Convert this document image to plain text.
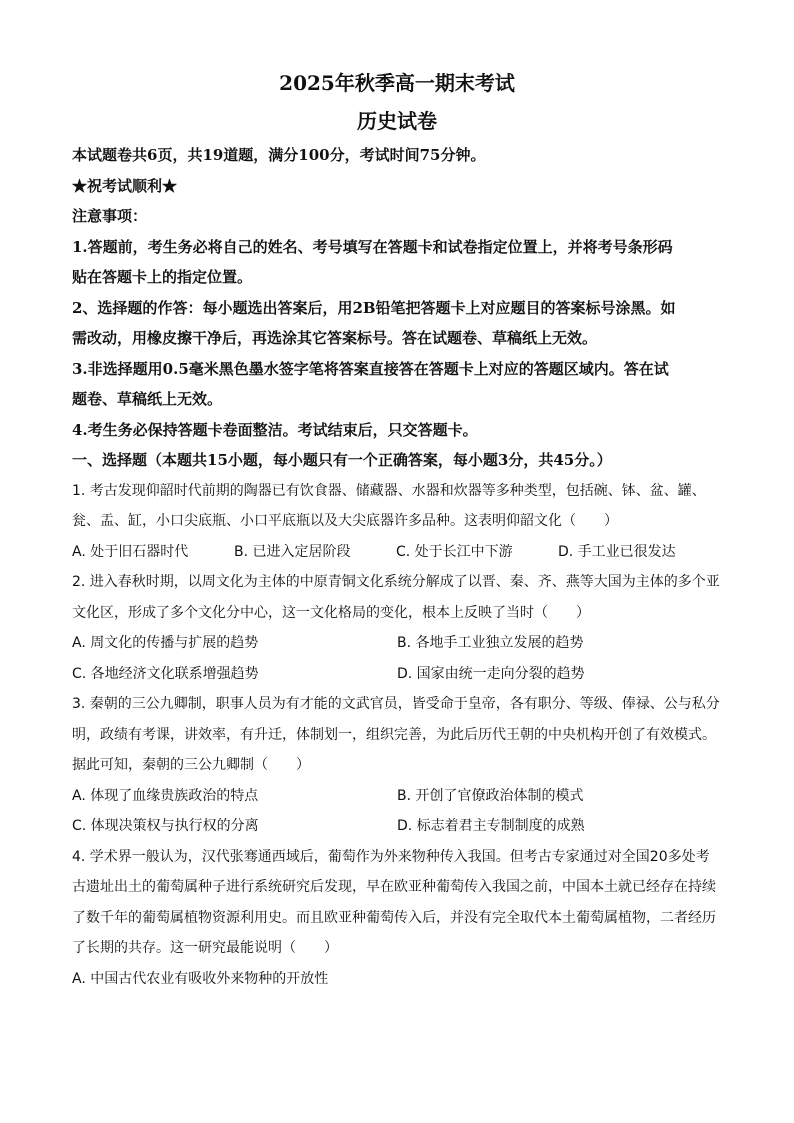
2025年秋季高一期末考试
历史试卷
本试题卷共6页，共19道题，满分100分，考试时间75分钟。
★祝考试顺利★
注意事项：
1.答题前，考生务必将自己的姓名、考号填写在答题卡和试卷指定位置上，并将考号条形码
贴在答题卡上的指定位置。
2、选择题的作答：每小题选出答案后，用2B铅笔把答题卡上对应题目的答案标号涂黑。如
需改动，用橡皮擦干净后，再选涂其它答案标号。答在试题卷、草稿纸上无效。
3.非选择题用0.5毫米黑色墨水签字笔将答案直接答在答题卡上对应的答题区域内。答在试
题卷、草稿纸上无效。
4.考生务必保持答题卡卷面整洁。考试结束后，只交答题卡。
一、选择题（本题共15小题，每小题只有一个正确答案，每小题3分，共45分。）
1. 考古发现仰韶时代前期的陶器已有饮食器、储藏器、水器和炊器等多种类型，包括碗、钵、盆、罐、
瓮、盂、缸，小口尖底瓶、小口平底瓶以及大尖底器许多品种。这表明仰韶文化（　　）
A. 处于旧石器时代	B. 已进入定居阶段	C. 处于长江中下游	D. 手工业已很发达
2. 进入春秋时期，以周文化为主体的中原青铜文化系统分解成了以晋、秦、齐、燕等大国为主体的多个亚
文化区，形成了多个文化分中心，这一文化格局的变化，根本上反映了当时（　　）
A. 周文化的传播与扩展的趋势	B. 各地手工业独立发展的趋势
C. 各地经济文化联系增强趋势	D. 国家由统一走向分裂的趋势
3. 秦朝的三公九卿制，职事人员为有才能的文武官员，皆受命于皇帝，各有职分、等级、俸禄、公与私分
明，政绩有考课，讲效率，有升迁，体制划一，组织完善，为此后历代王朝的中央机构开创了有效模式。
据此可知，秦朝的三公九卿制（　　）
A. 体现了血缘贵族政治的特点	B. 开创了官僚政治体制的模式
C. 体现决策权与执行权的分离	D. 标志着君主专制制度的成熟
4. 学术界一般认为，汉代张骞通西域后，葡萄作为外来物种传入我国。但考古专家通过对全国20多处考
古遗址出土的葡萄属种子进行系统研究后发现，早在欧亚种葡萄传入我国之前，中国本土就已经存在持续
了数千年的葡萄属植物资源利用史。而且欧亚种葡萄传入后，并没有完全取代本土葡萄属植物，二者经历
了长期的共存。这一研究最能说明（　　）
A. 中国古代农业有吸收外来物种的开放性
